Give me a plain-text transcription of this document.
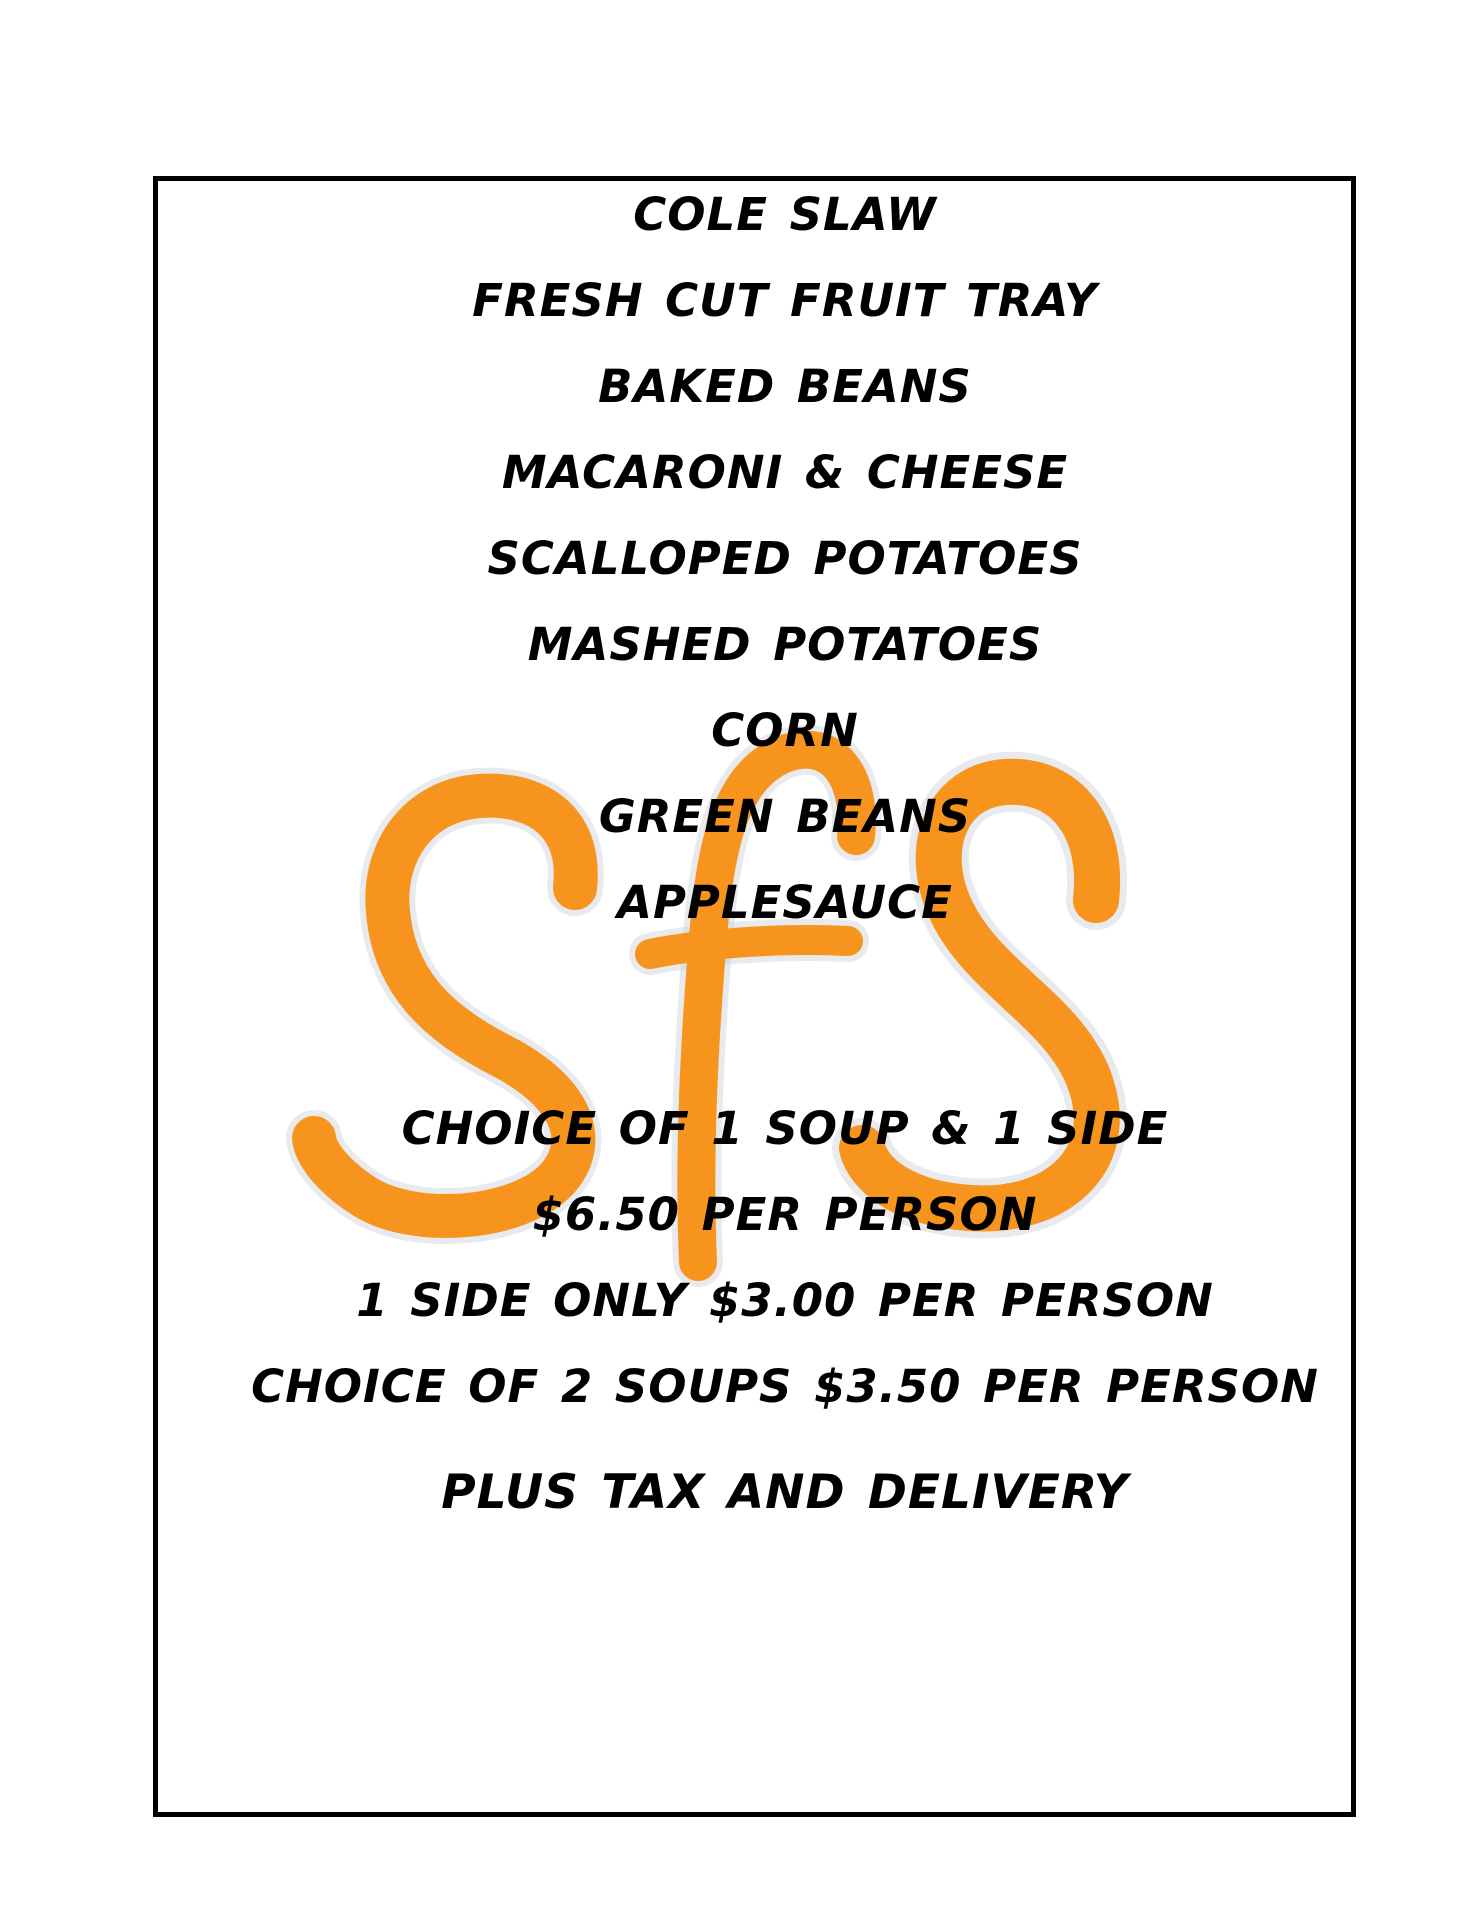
COLE SLAW
FRESH CUT FRUIT TRAY
BAKED BEANS
MACARONI & CHEESE
SCALLOPED POTATOES
MASHED POTATOES
CORN
GREEN BEANS
APPLESAUCE
CHOICE OF 1 SOUP & 1 SIDE
$6.50 PER PERSON
1 SIDE ONLY $3.00 PER PERSON
CHOICE OF 2 SOUPS $3.50 PER PERSON
PLUS TAX AND DELIVERY
